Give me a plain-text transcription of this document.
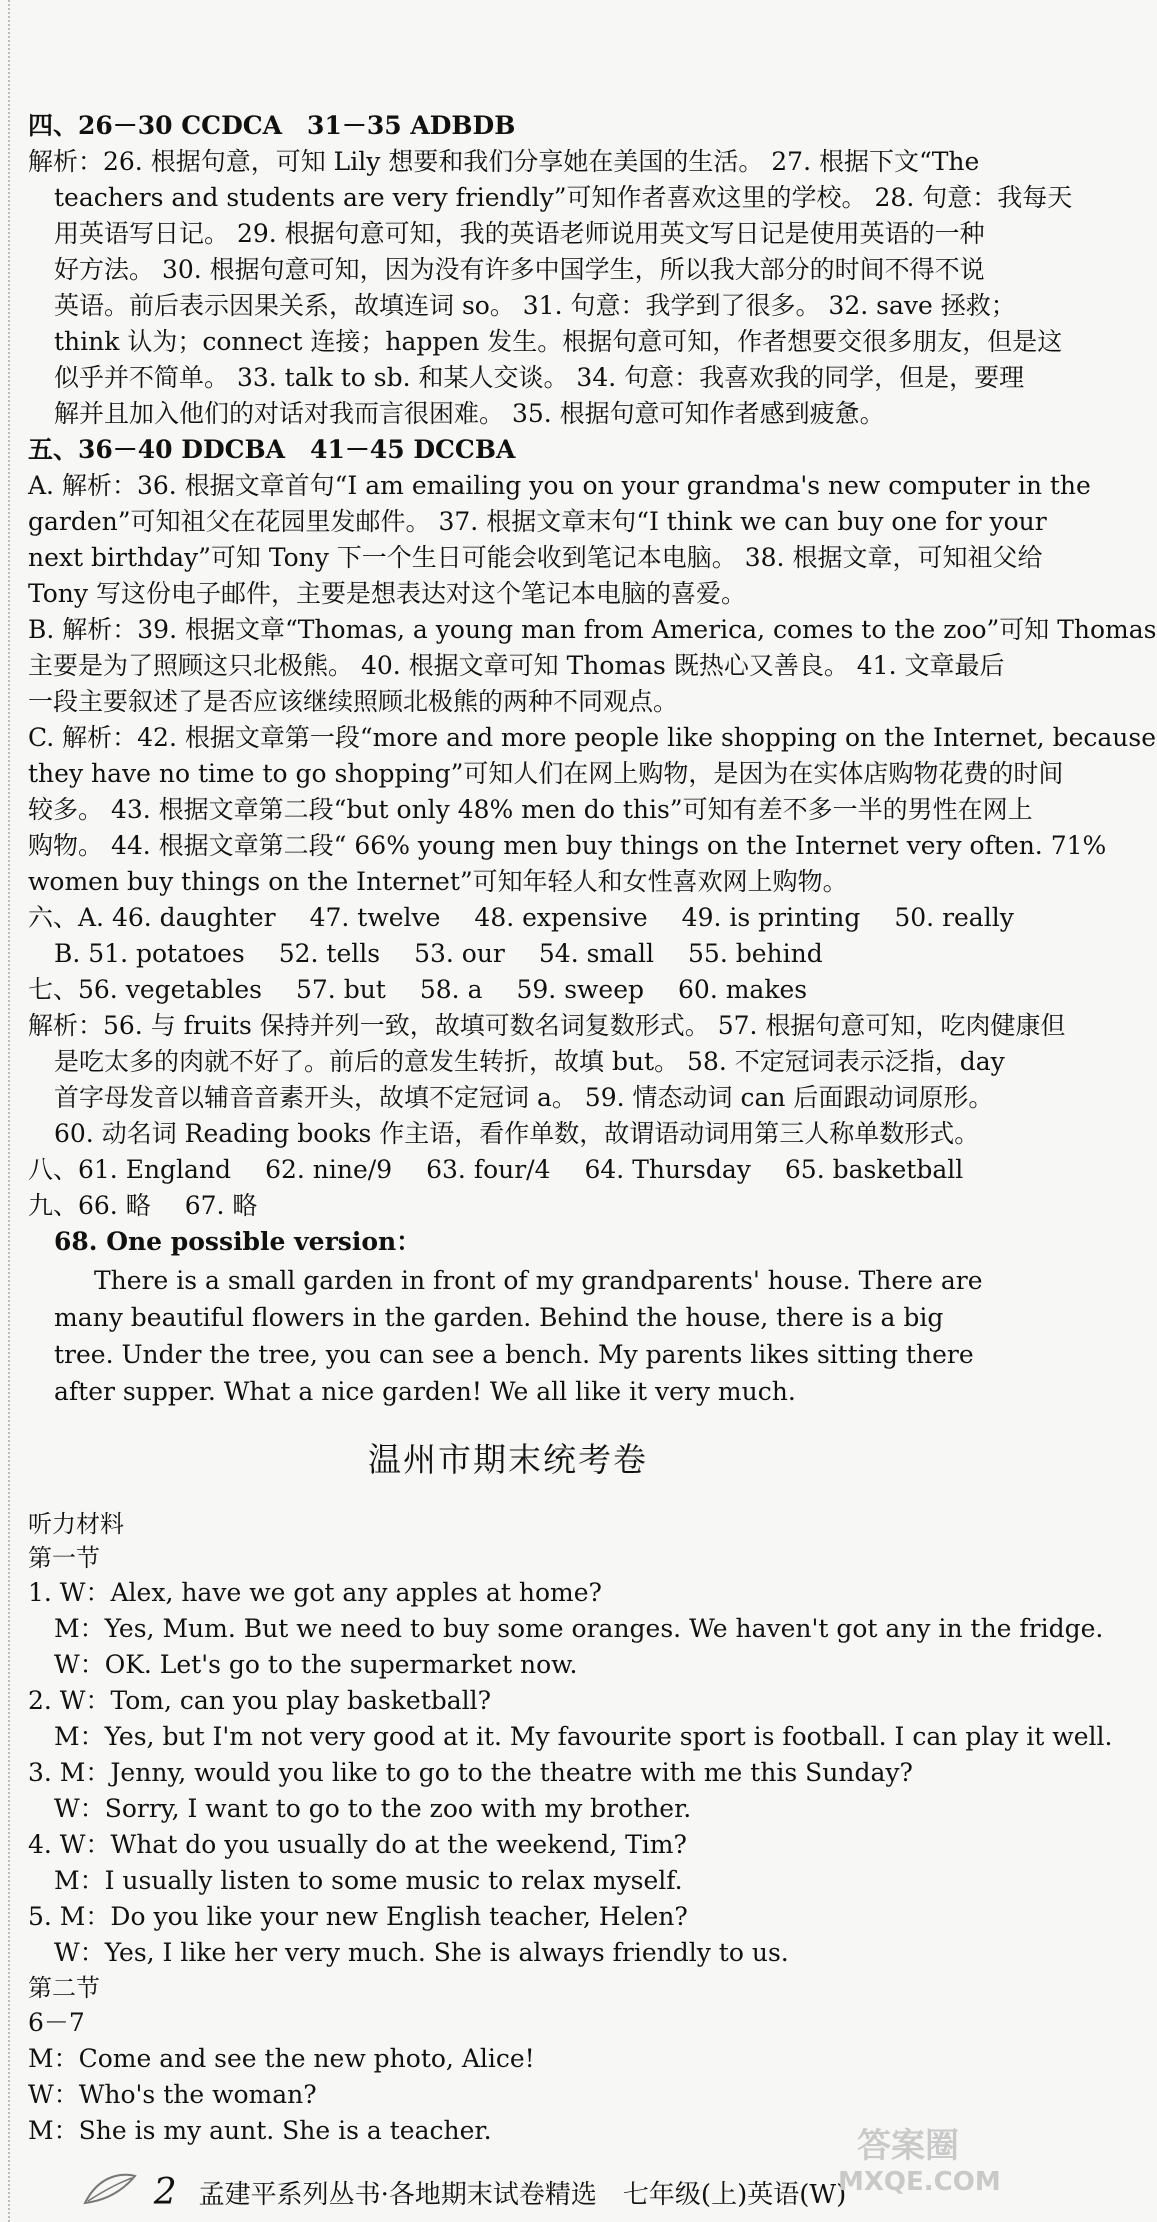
四、26－30 CCDCA　31－35 ADBDB
解析：26. 根据句意，可知 Lily 想要和我们分享她在美国的生活。 27. 根据下文“The
teachers and students are very friendly”可知作者喜欢这里的学校。 28. 句意：我每天
用英语写日记。 29. 根据句意可知，我的英语老师说用英文写日记是使用英语的一种
好方法。 30. 根据句意可知，因为没有许多中国学生，所以我大部分的时间不得不说
英语。前后表示因果关系，故填连词 so。 31. 句意：我学到了很多。 32. save 拯救；
think 认为；connect 连接；happen 发生。根据句意可知，作者想要交很多朋友，但是这
似乎并不简单。 33. talk to sb. 和某人交谈。 34. 句意：我喜欢我的同学，但是，要理
解并且加入他们的对话对我而言很困难。 35. 根据句意可知作者感到疲惫。
五、36－40 DDCBA　41－45 DCCBA
A. 解析：36. 根据文章首句“I am emailing you on your grandma's new computer in the
garden”可知祖父在花园里发邮件。 37. 根据文章末句“I think we can buy one for your
next birthday”可知 Tony 下一个生日可能会收到笔记本电脑。 38. 根据文章，可知祖父给
Tony 写这份电子邮件，主要是想表达对这个笔记本电脑的喜爱。
B. 解析：39. 根据文章“Thomas, a young man from America, comes to the zoo”可知 Thomas
主要是为了照顾这只北极熊。 40. 根据文章可知 Thomas 既热心又善良。 41. 文章最后
一段主要叙述了是否应该继续照顾北极熊的两种不同观点。
C. 解析：42. 根据文章第一段“more and more people like shopping on the Internet, because
they have no time to go shopping”可知人们在网上购物，是因为在实体店购物花费的时间
较多。 43. 根据文章第二段“but only 48% men do this”可知有差不多一半的男性在网上
购物。 44. 根据文章第二段“ 66% young men buy things on the Internet very often. 71%
women buy things on the Internet”可知年轻人和女性喜欢网上购物。
六、A. 46. daughter 47. twelve 48. expensive 49. is printing 50. really
B. 51. potatoes 52. tells 53. our 54. small 55. behind
七、56. vegetables 57. but 58. a 59. sweep 60. makes
解析：56. 与 fruits 保持并列一致，故填可数名词复数形式。 57. 根据句意可知，吃肉健康但
是吃太多的肉就不好了。前后的意发生转折，故填 but。 58. 不定冠词表示泛指，day
首字母发音以辅音音素开头，故填不定冠词 a。 59. 情态动词 can 后面跟动词原形。
60. 动名词 Reading books 作主语，看作单数，故谓语动词用第三人称单数形式。
八、61. England 62. nine/9 63. four/4 64. Thursday 65. basketball
九、66. 略 67. 略
68. One possible version：
There is a small garden in front of my grandparents' house. There are many beautiful flowers in the garden. Behind the house, there is a big tree. Under the tree, you can see a bench. My parents likes sitting there after supper. What a nice garden! We all like it very much.
温州市期末统考卷
听力材料
第一节
1. W：Alex, have we got any apples at home?
M：Yes, Mum. But we need to buy some oranges. We haven't got any in the fridge.
W：OK. Let's go to the supermarket now.
2. W：Tom, can you play basketball?
M：Yes, but I'm not very good at it. My favourite sport is football. I can play it well.
3. M：Jenny, would you like to go to the theatre with me this Sunday?
W：Sorry, I want to go to the zoo with my brother.
4. W：What do you usually do at the weekend, Tim?
M：I usually listen to some music to relax myself.
5. M：Do you like your new English teacher, Helen?
W：Yes, I like her very much. She is always friendly to us.
第二节
6－7
M：Come and see the new photo, Alice!
W：Who's the woman?
M：She is my aunt. She is a teacher.
2 孟建平系列丛书·各地期末试卷精选　七年级(上)英语(W)
答案圈
MXQE.COM
